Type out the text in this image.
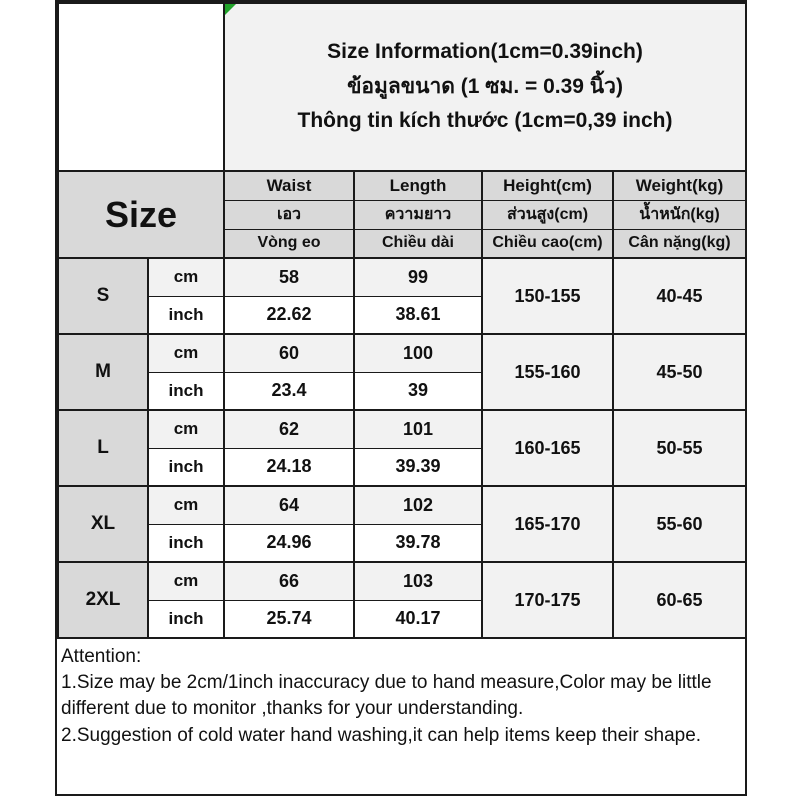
		Size Information(1cm=0.39inch)
ข้อมูลขนาด (1 ซม. = 0.39 นิ้ว)
Thông tin kích thước (1cm=0,39 inch)			

Size		Waist	Length	Height(cm)	Weight(kg)
		เอว	ความยาว	ส่วนสูง(cm)	น้ำหนัก(kg)
		Vòng eo	Chiều dài	Chiều cao(cm)	Cân nặng(kg)
S	cm	58	99	150-155	40-45
	inch	22.62	38.61		
M	cm	60	100	155-160	45-50
	inch	23.4	39		
L	cm	62	101	160-165	50-55
	inch	24.18	39.39		
XL	cm	64	102	165-170	55-60
	inch	24.96	39.78		
2XL	cm	66	103	170-175	60-65
	inch	25.74	40.17		
Attention:
1.Size may be 2cm/1inch inaccuracy due to hand measure,Color may be little different due to monitor ,thanks for your understanding.
2.Suggestion of cold water hand washing,it can help items keep their shape.
